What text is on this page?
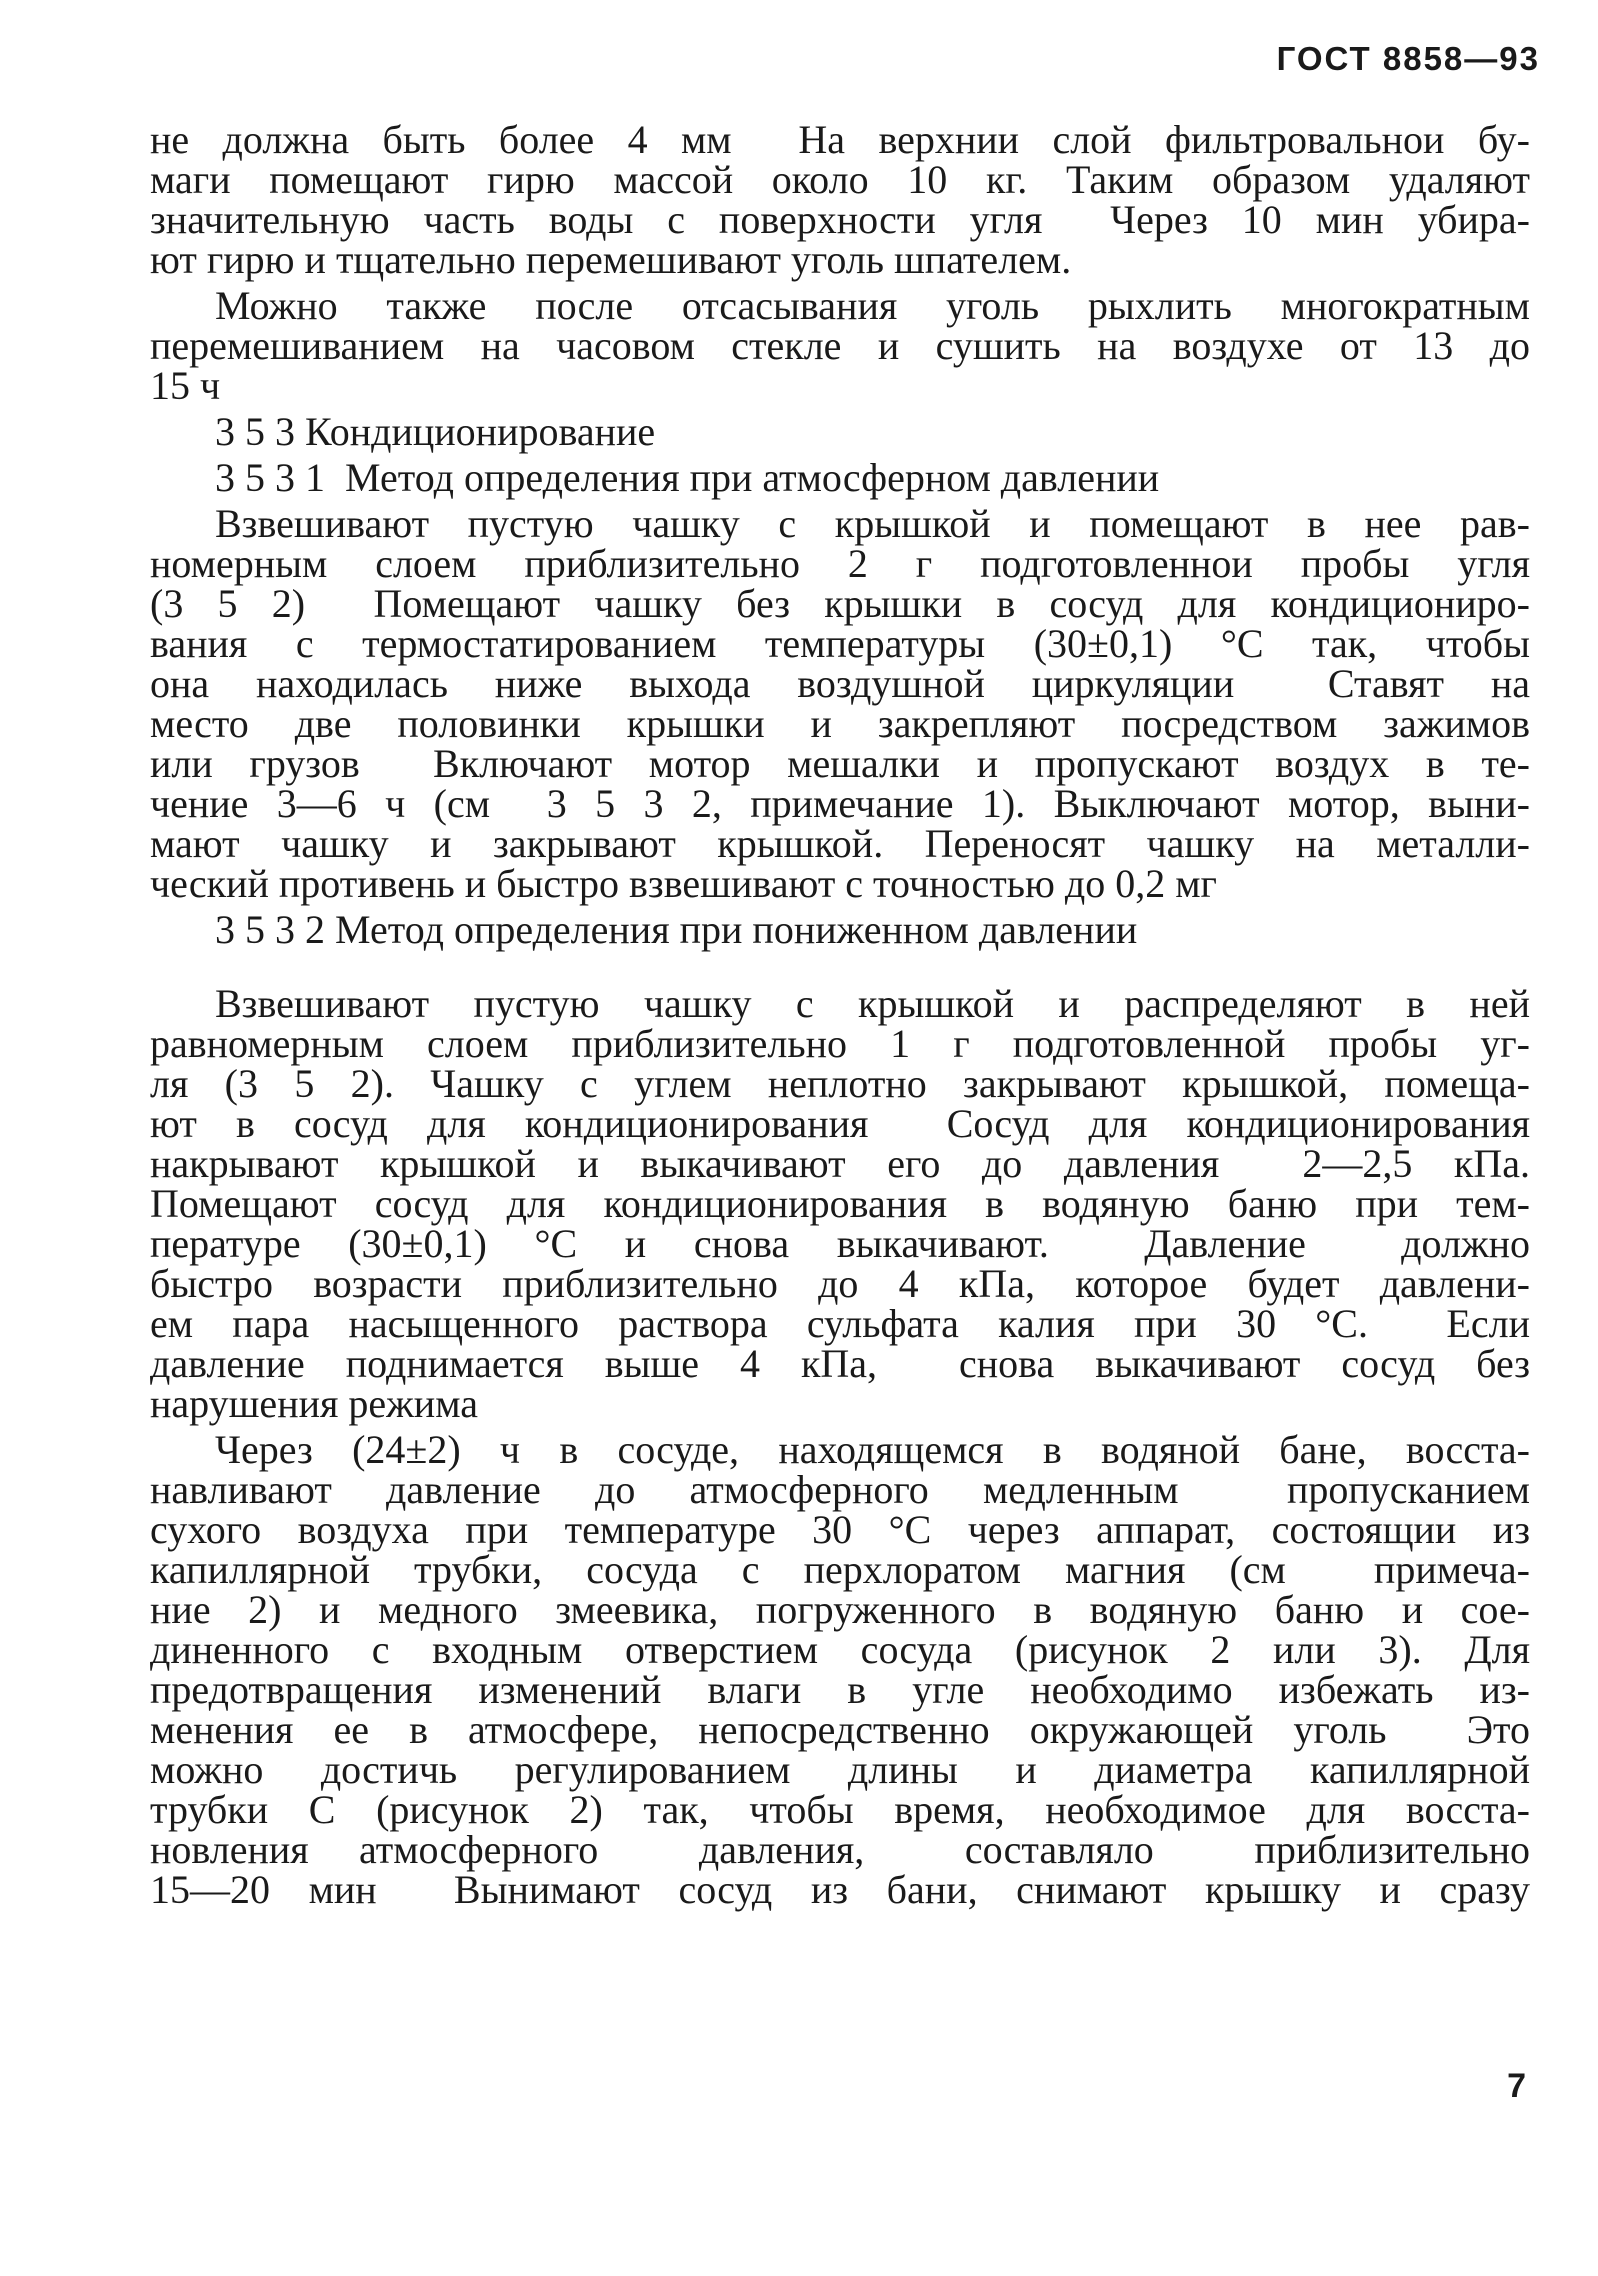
ГОСТ 8858—93
не должна быть более 4 мм  На верхнии слой фильтровальнои бу-
маги помещают гирю массой около 10 кг. Таким образом удаляют
значительную часть воды с поверхности угля  Через 10 мин убира-
ют гирю и тщательно перемешивают уголь шпателем.
Можно также после отсасывания уголь рыхлить многократным
перемешиванием на часовом стекле и сушить на воздухе от 13 до
15 ч
3 5 3 Кондиционирование
3 5 3 1  Метод определения при атмосферном давлении
Взвешивают пустую чашку с крышкой и помещают в нее рав-
номерным слоем приблизительно 2 г подготовленнои пробы угля
(3 5 2)  Помещают чашку без крышки в сосуд для кондициониро-
вания с термостатированием температуры (30±0,1) °С так, чтобы
она находилась ниже выхода воздушной циркуляции  Ставят на
место две половинки крышки и закрепляют посредством зажимов
или грузов  Включают мотор мешалки и пропускают воздух в те-
чение 3—6 ч (см  3 5 3 2, примечание 1). Выключают мотор, выни-
мают чашку и закрывают крышкой. Переносят чашку на металли-
ческий противень и быстро взвешивают с точностью до 0,2 мг
3 5 3 2 Метод определения при пониженном давлении
Взвешивают пустую чашку с крышкой и распределяют в ней
равномерным слоем приблизительно 1 г подготовленной пробы уг-
ля (3 5 2). Чашку с углем неплотно закрывают крышкой, помеща-
ют в сосуд для кондиционирования  Сосуд для кондиционирования
накрывают крышкой и выкачивают его до давления  2—2,5 кПа.
Помещают сосуд для кондиционирования в водяную баню при тем-
пературе (30±0,1) °С и снова выкачивают.  Давление  должно
быстро возрасти приблизительно до 4 кПа, которое будет давлени-
ем пара насыщенного раствора сульфата калия при 30 °С.  Если
давление поднимается выше 4 кПа,  снова выкачивают сосуд без
нарушения режима
Через (24±2) ч в сосуде, находящемся в водяной бане, восста-
навливают давление до атмосферного медленным  пропусканием
сухого воздуха при температуре 30 °С через аппарат, состоящии из
капиллярной трубки, сосуда с перхлоратом магния (см  примеча-
ние 2) и медного змеевика, погруженного в водяную баню и сое-
диненного с входным отверстием сосуда (рисунок 2 или 3). Для
предотвращения изменений влаги в угле необходимо избежать из-
менения ее в атмосфере, непосредственно окружающей уголь  Это
можно достичь регулированием длины и диаметра капиллярной
трубки С (рисунок 2) так, чтобы время, необходимое для восста-
новления атмосферного  давления,  составляло  приблизительно
15—20 мин  Вынимают сосуд из бани, снимают крышку и сразу
7
